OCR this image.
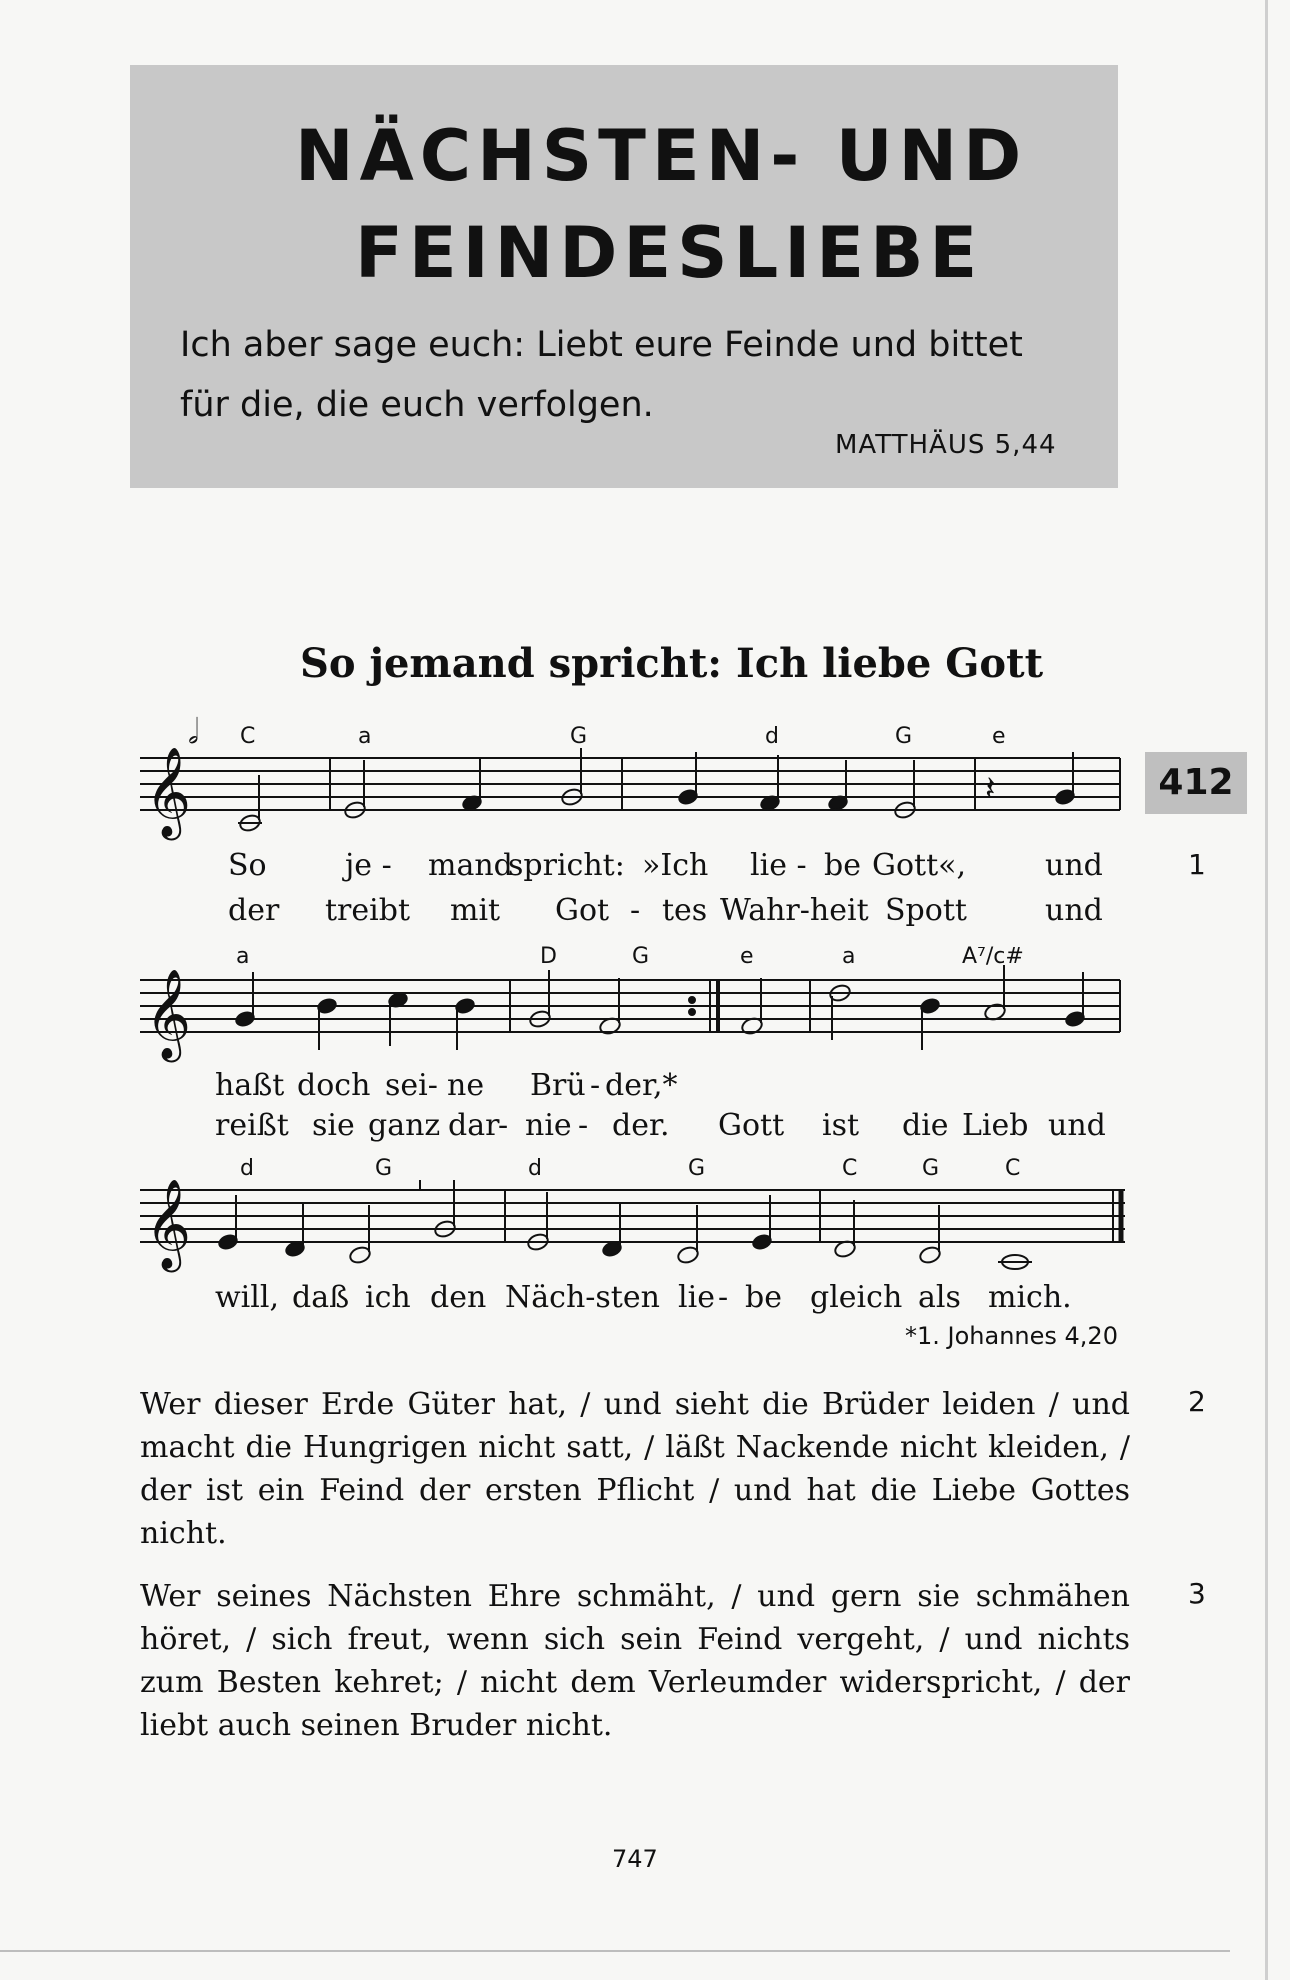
NÄCHSTEN- UND
FEINDESLIEBE
Ich aber sage euch: Liebt eure Feinde und bittet für die, die euch verfolgen.
MATTHÄUS 5,44
So jemand spricht: Ich liebe Gott
412
1
𝅗𝅥
𝄞
𝄞
𝄞
𝄽
C	a	G	d	G	e
So	je - mand
spricht: »Ich lie - be Gott«,	und
der treibt mit Got - tes Wahr-heit Spott	und
a	D	G	e	a	A⁷/c#
haßt doch sei- ne Brü - der,*
reißt sie ganz dar
- nie - der. Gott ist die Lieb und
d	G	d	G	C	G	C
will, daß ich den Näch-sten lie - be gleich als mich.
*1. Johannes 4,20
Wer dieser Erde Güter hat, / und sieht die Brüder leiden / und macht die Hungrigen nicht satt, / läßt Nackende nicht kleiden, / der ist ein Feind der ersten Pflicht / und hat die Liebe Gottes nicht.
2
Wer seines Nächsten Ehre schmäht, / und gern sie schmähen höret, / sich freut, wenn sich sein Feind vergeht, / und nichts zum Besten kehret; / nicht dem Verleumder widerspricht, / der liebt auch seinen Bruder nicht.
3
747
